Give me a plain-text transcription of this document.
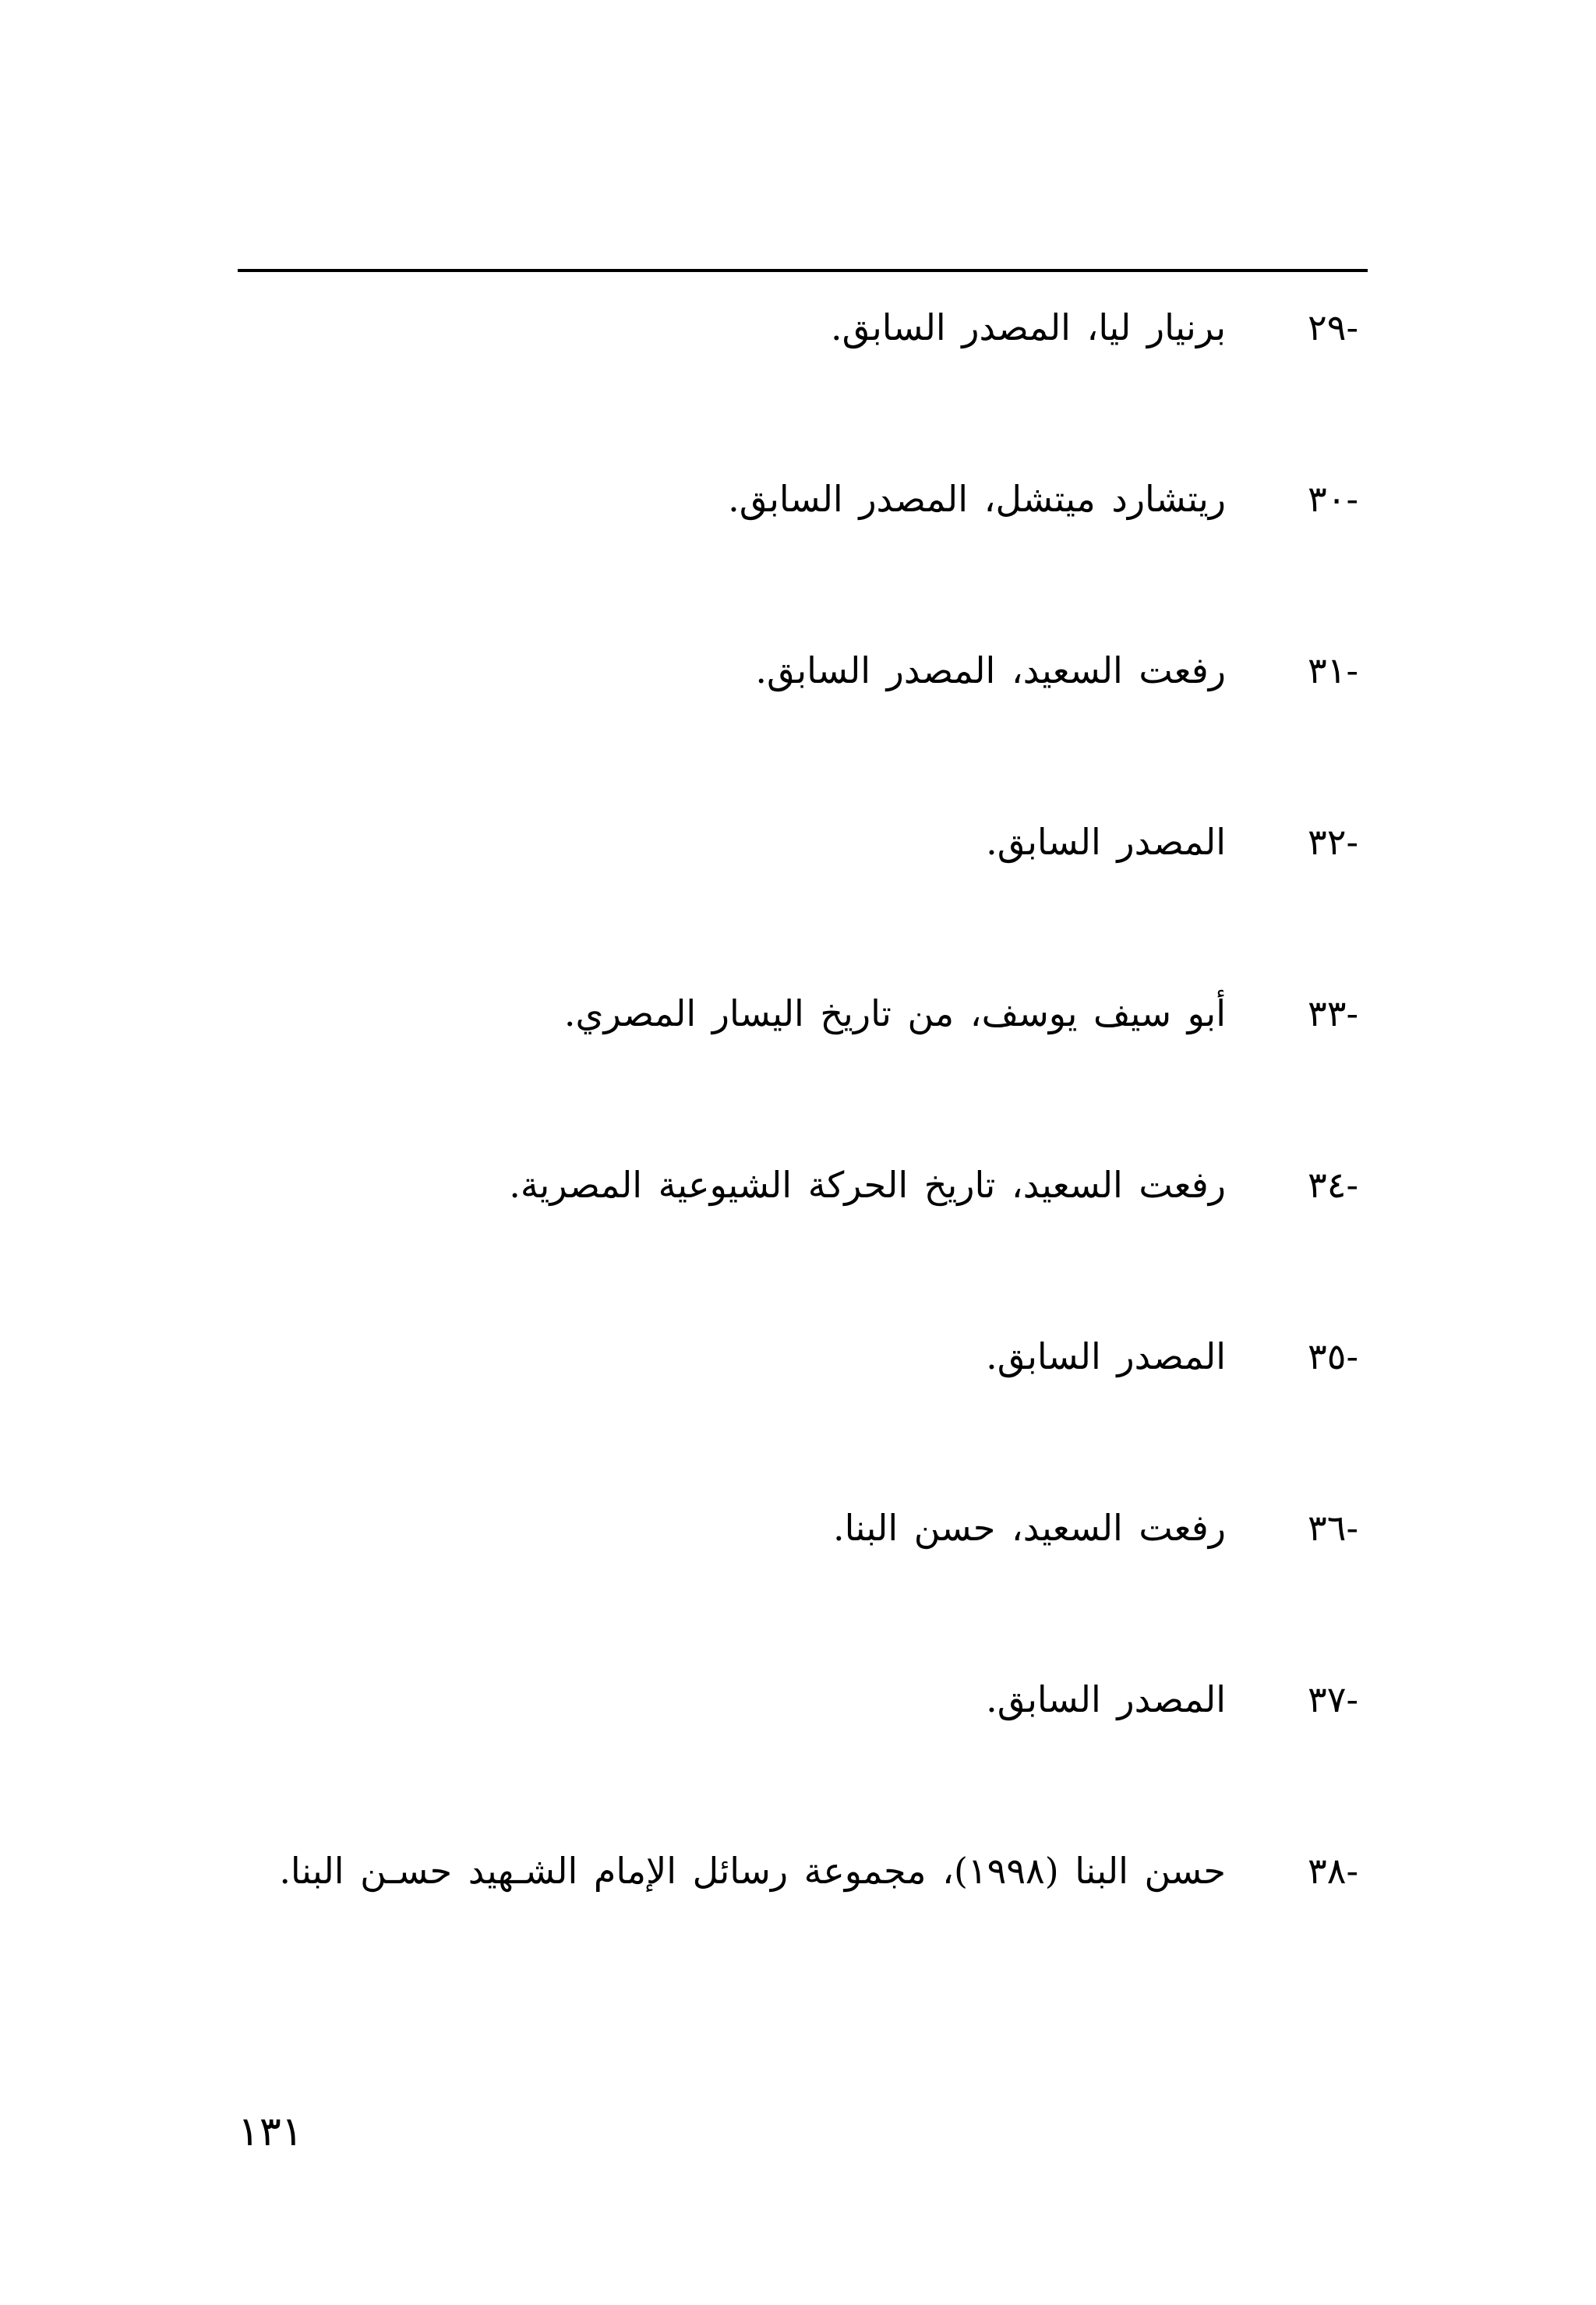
-٢٩
برنيار ليا، المصدر السابق.
-٣٠
ريتشارد ميتشل، المصدر السابق.
-٣١
رفعت السعيد، المصدر السابق.
-٣٢
المصدر السابق.
-٣٣
أبو سيف يوسف، من تاريخ اليسار المصري.
-٣٤
رفعت السعيد، تاريخ الحركة الشيوعية المصرية.
-٣٥
المصدر السابق.
-٣٦
رفعت السعيد، حسن البنا.
-٣٧
المصدر السابق.
-٣٨
حسن البنا (١٩٩٨)، مجموعة رسائل الإمام الشـهيد حسـن البنا.
١٣١
